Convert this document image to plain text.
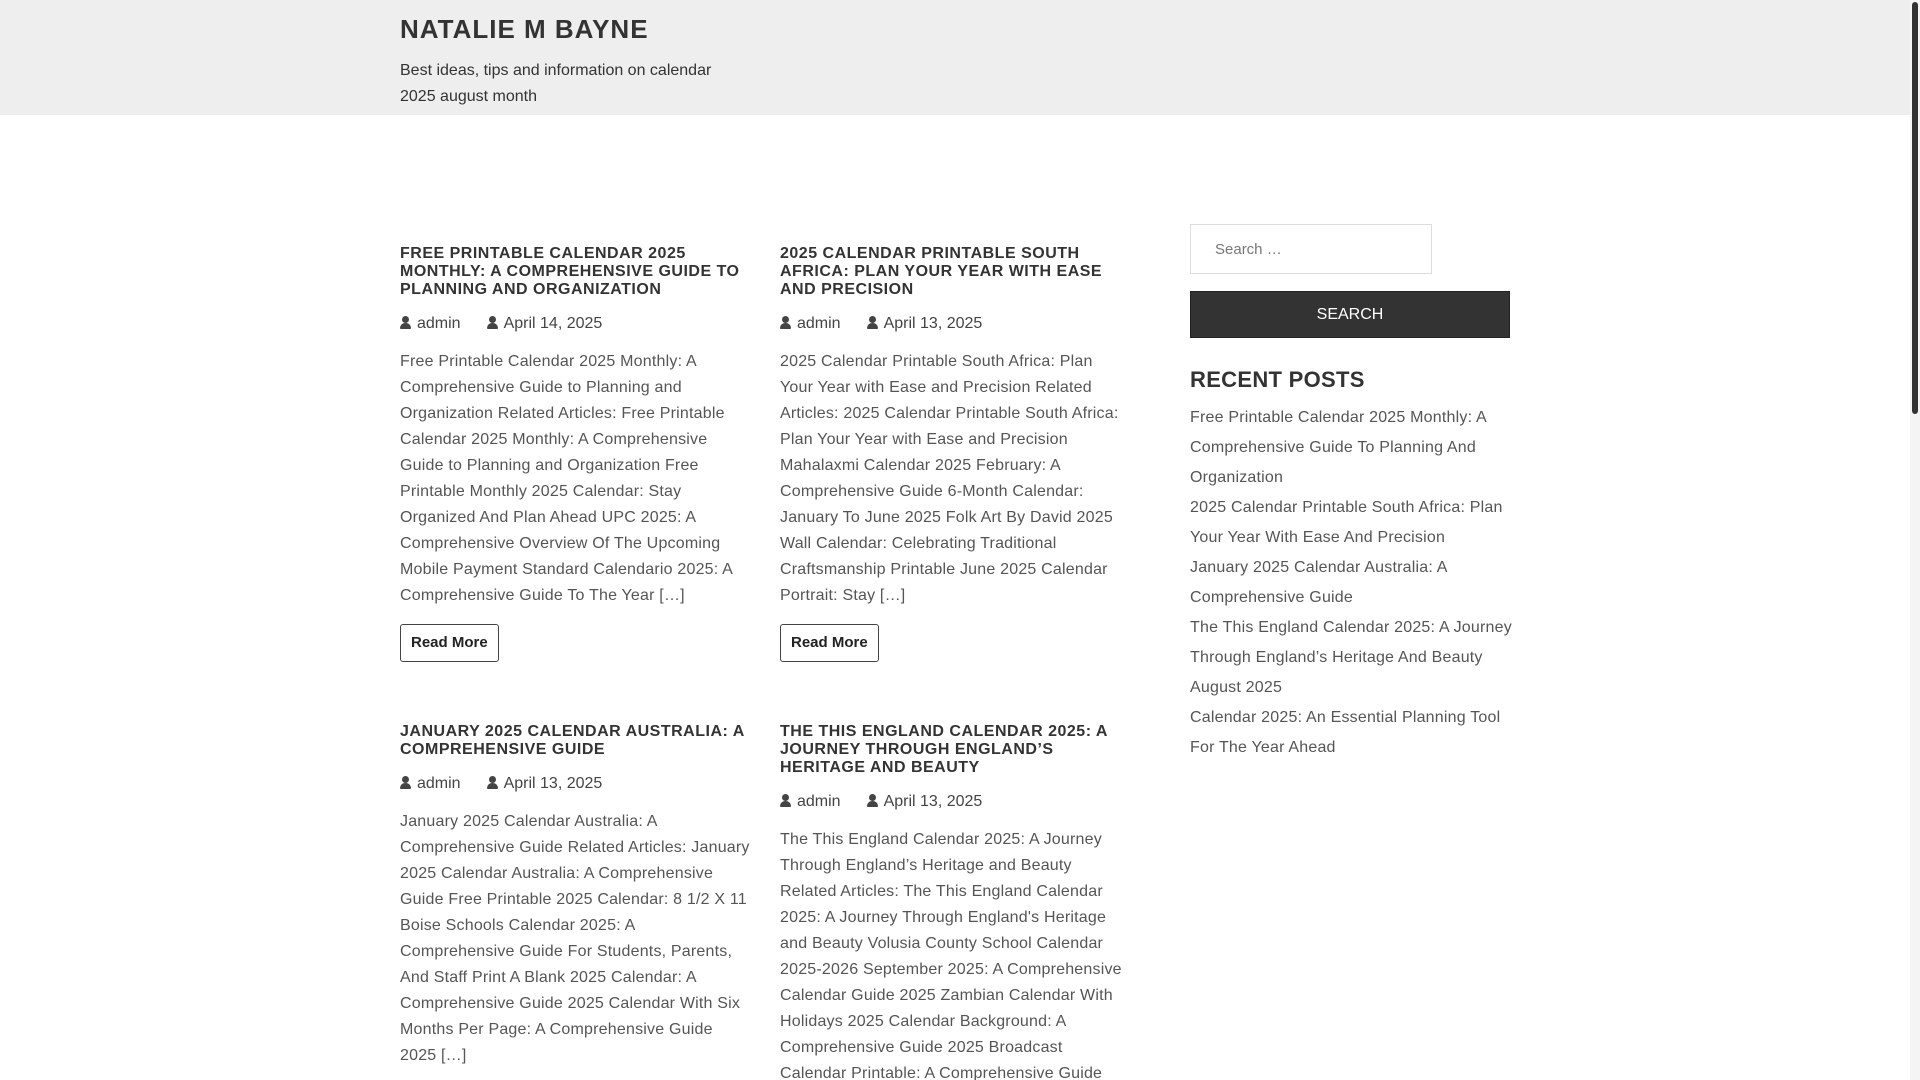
NATALIE M BAYNE
Best ideas, tips and information on calendar 2025 august month
FREE PRINTABLE CALENDAR 2025 MONTHLY: A COMPREHENSIVE GUIDE TO PLANNING AND ORGANIZATION
admin	April 14, 2025

Free Printable Calendar 2025 Monthly: A Comprehensive Guide to Planning and Organization Related Articles: Free Printable Calendar 2025 Monthly: A Comprehensive Guide to Planning and Organization Free Printable Monthly 2025 Calendar: Stay Organized And Plan Ahead UPC 2025: A Comprehensive Overview Of The Upcoming Mobile Payment Standard Calendario 2025: A Comprehensive Guide To The Year […]

Read More
2025 CALENDAR PRINTABLE SOUTH AFRICA: PLAN YOUR YEAR WITH EASE AND PRECISION
admin	April 13, 2025

2025 Calendar Printable South Africa: Plan Your Year with Ease and Precision Related Articles: 2025 Calendar Printable South Africa: Plan Your Year with Ease and Precision Mahalaxmi Calendar 2025 February: A Comprehensive Guide 6-Month Calendar: January To June 2025 Folk Art By David 2025 Wall Calendar: Celebrating Traditional Craftsmanship Printable June 2025 Calendar Portrait: Stay […]

Read More
JANUARY 2025 CALENDAR AUSTRALIA: A COMPREHENSIVE GUIDE
admin	April 13, 2025

January 2025 Calendar Australia: A Comprehensive Guide Related Articles: January 2025 Calendar Australia: A Comprehensive Guide Free Printable 2025 Calendar: 8 1/2 X 11 Boise Schools Calendar 2025: A Comprehensive Guide For Students, Parents, And Staff Print A Blank 2025 Calendar: A Comprehensive Guide 2025 Calendar With Six Months Per Page: A Comprehensive Guide 2025 […]

THE THIS ENGLAND CALENDAR 2025: A JOURNEY THROUGH ENGLAND’S HERITAGE AND BEAUTY
admin	April 13, 2025

The This England Calendar 2025: A Journey Through England’s Heritage and Beauty Related Articles: The This England Calendar 2025: A Journey Through England's Heritage and Beauty Volusia County School Calendar 2025-2026 September 2025: A Comprehensive Calendar Guide 2025 Zambian Calendar With Holidays 2025 Calendar Background: A Comprehensive Guide 2025 Broadcast Calendar Printable: A Comprehensive Guide

Search …
SEARCH
RECENT POSTS
Free Printable Calendar 2025 Monthly: A Comprehensive Guide To Planning And Organization
2025 Calendar Printable South Africa: Plan Your Year With Ease And Precision
January 2025 Calendar Australia: A Comprehensive Guide
The This England Calendar 2025: A Journey Through England’s Heritage And Beauty
August 2025
Calendar 2025: An Essential Planning Tool For The Year Ahead
